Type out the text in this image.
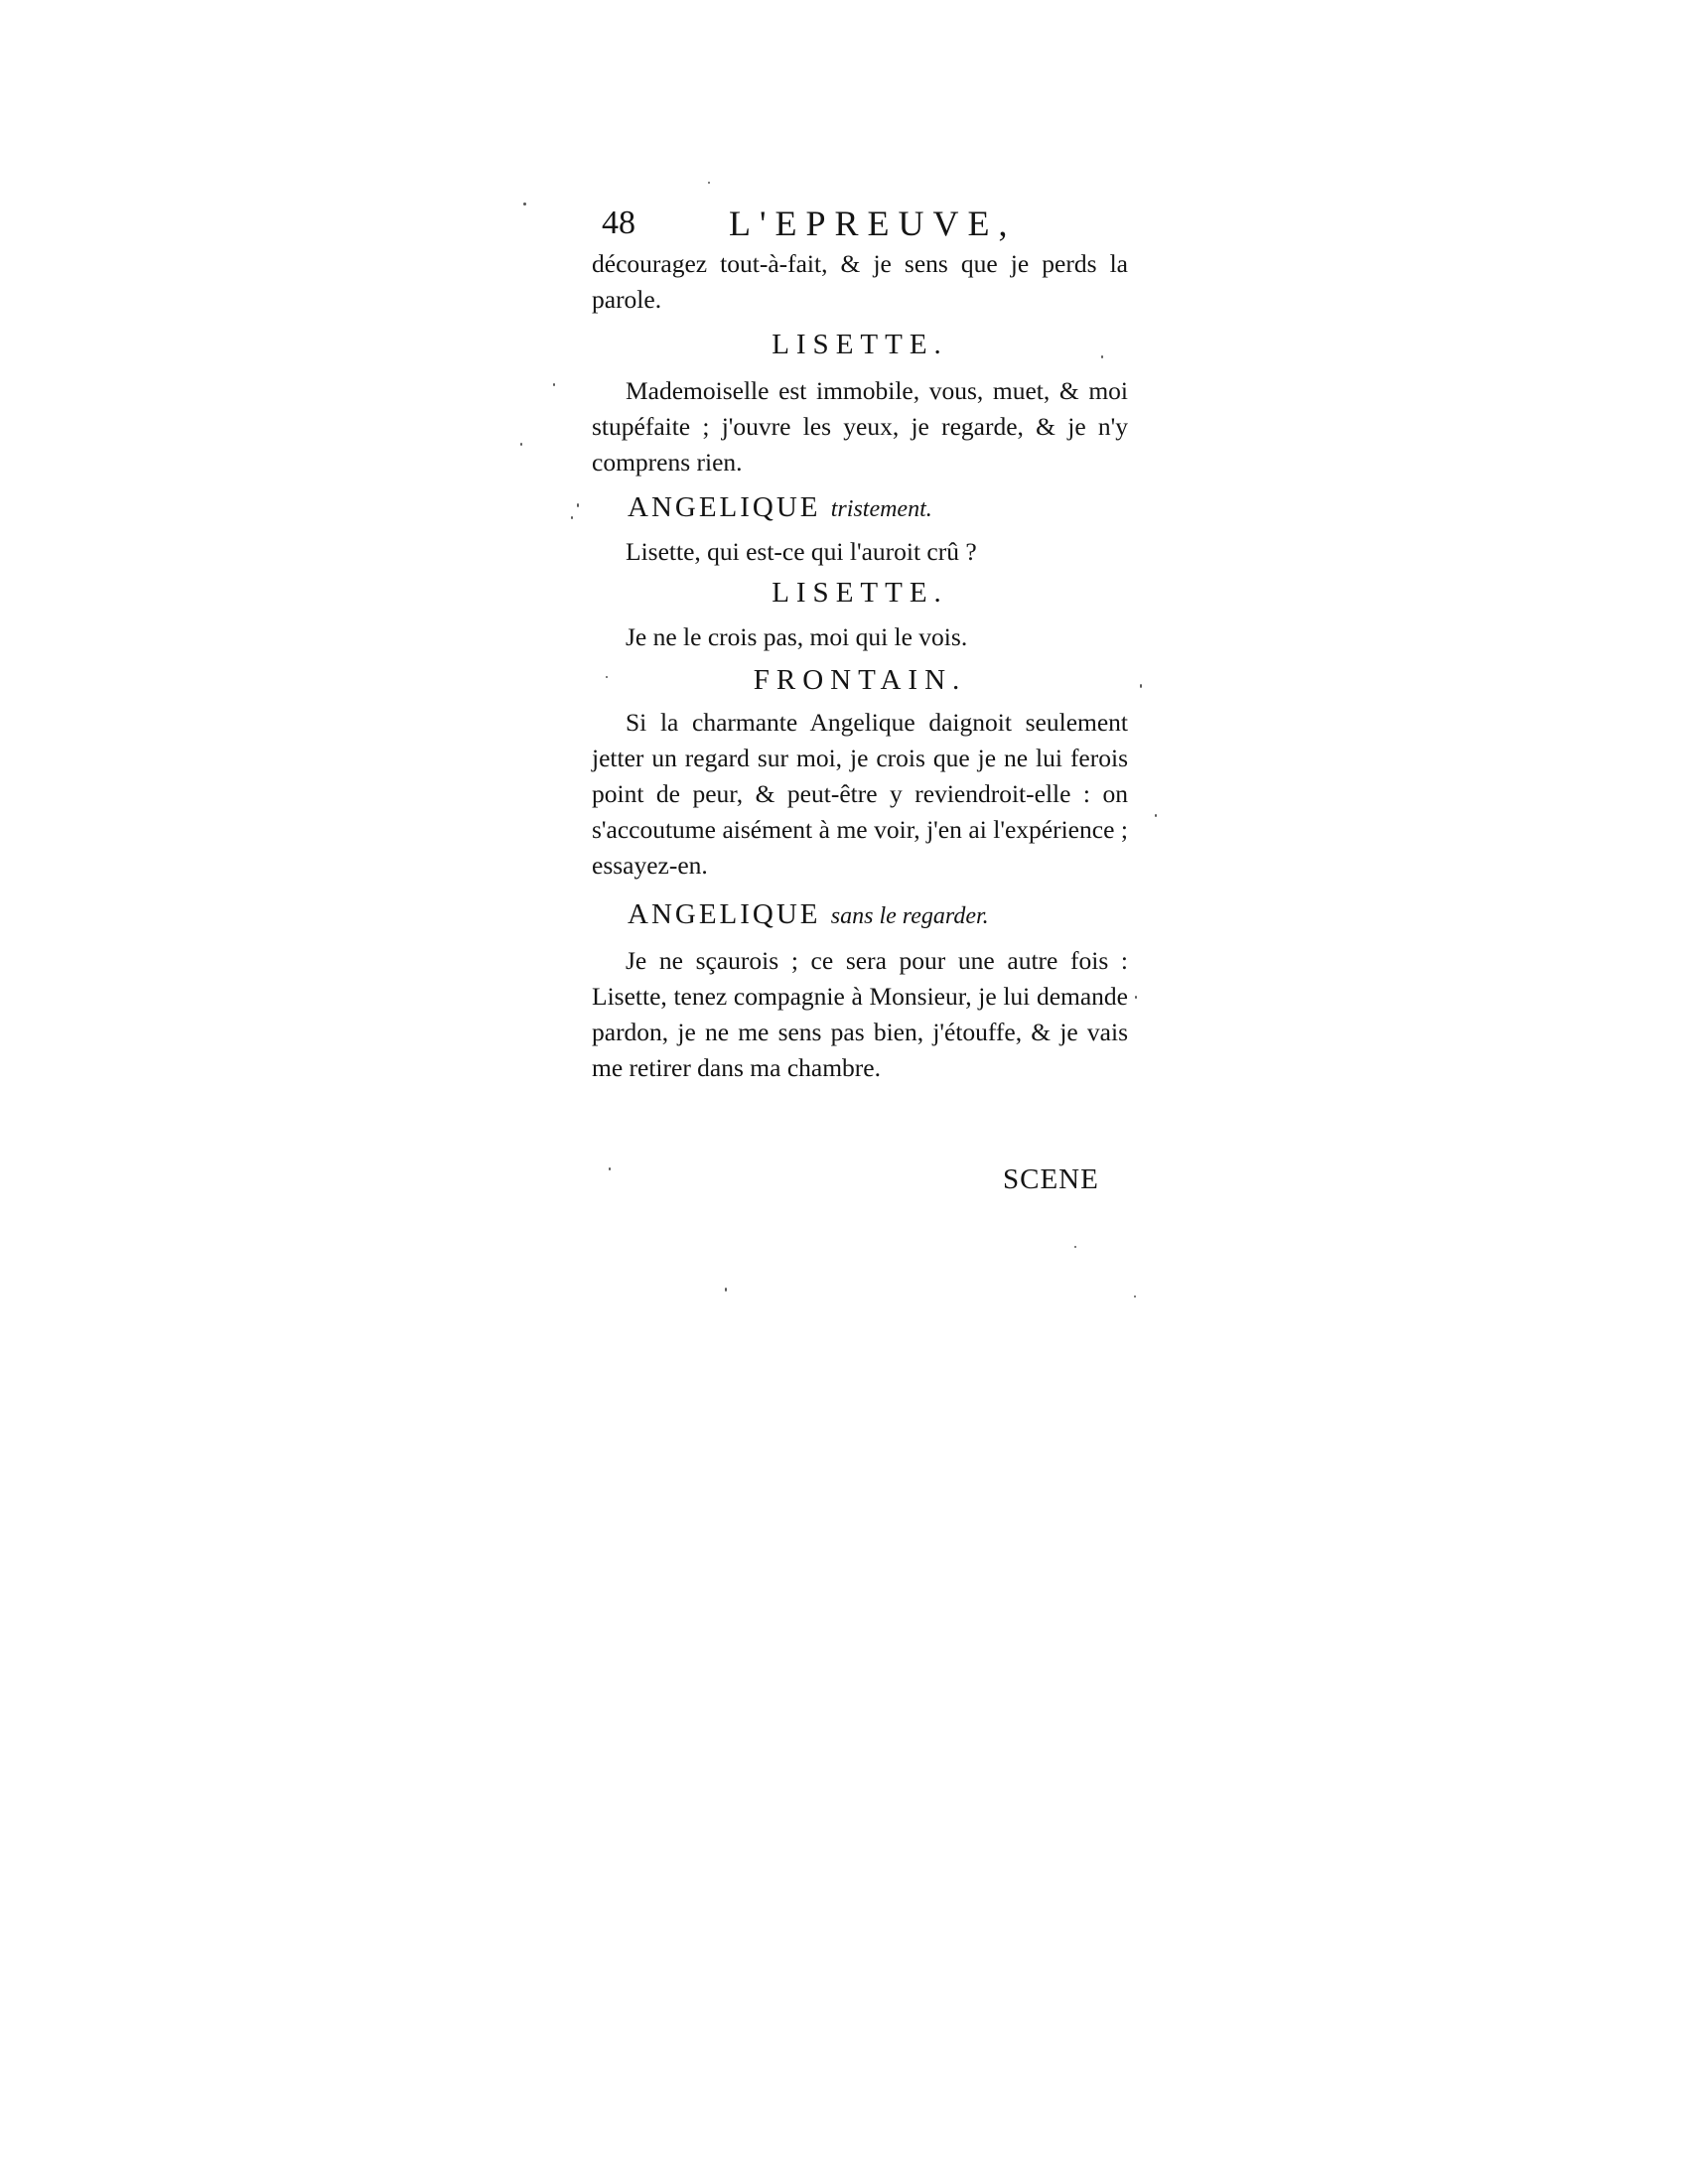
48	L'EPREUVE,

découragez tout-à-fait, & je sens que je perds la parole.

LISETTE.

Mademoiselle est immobile, vous, muet, & moi stupéfaite ; j'ouvre les yeux, je regarde, & je n'y comprens rien.

ANGELIQUE tristement.

Lisette, qui est-ce qui l'auroit crû ?

LISETTE.

Je ne le crois pas, moi qui le vois.

FRONTAIN.

Si la charmante Angelique daignoit seulement jetter un regard sur moi, je crois que je ne lui ferois point de peur, & peut-être y reviendroit-elle : on s'accoutume aisément à me voir, j'en ai l'expérience ; essayez-en.

ANGELIQUE sans le regarder.

Je ne sçaurois ; ce sera pour une autre fois : Lisette, tenez compagnie à Monsieur, je lui demande pardon, je ne me sens pas bien, j'étouffe, & je vais me retirer dans ma chambre.

SCENE
